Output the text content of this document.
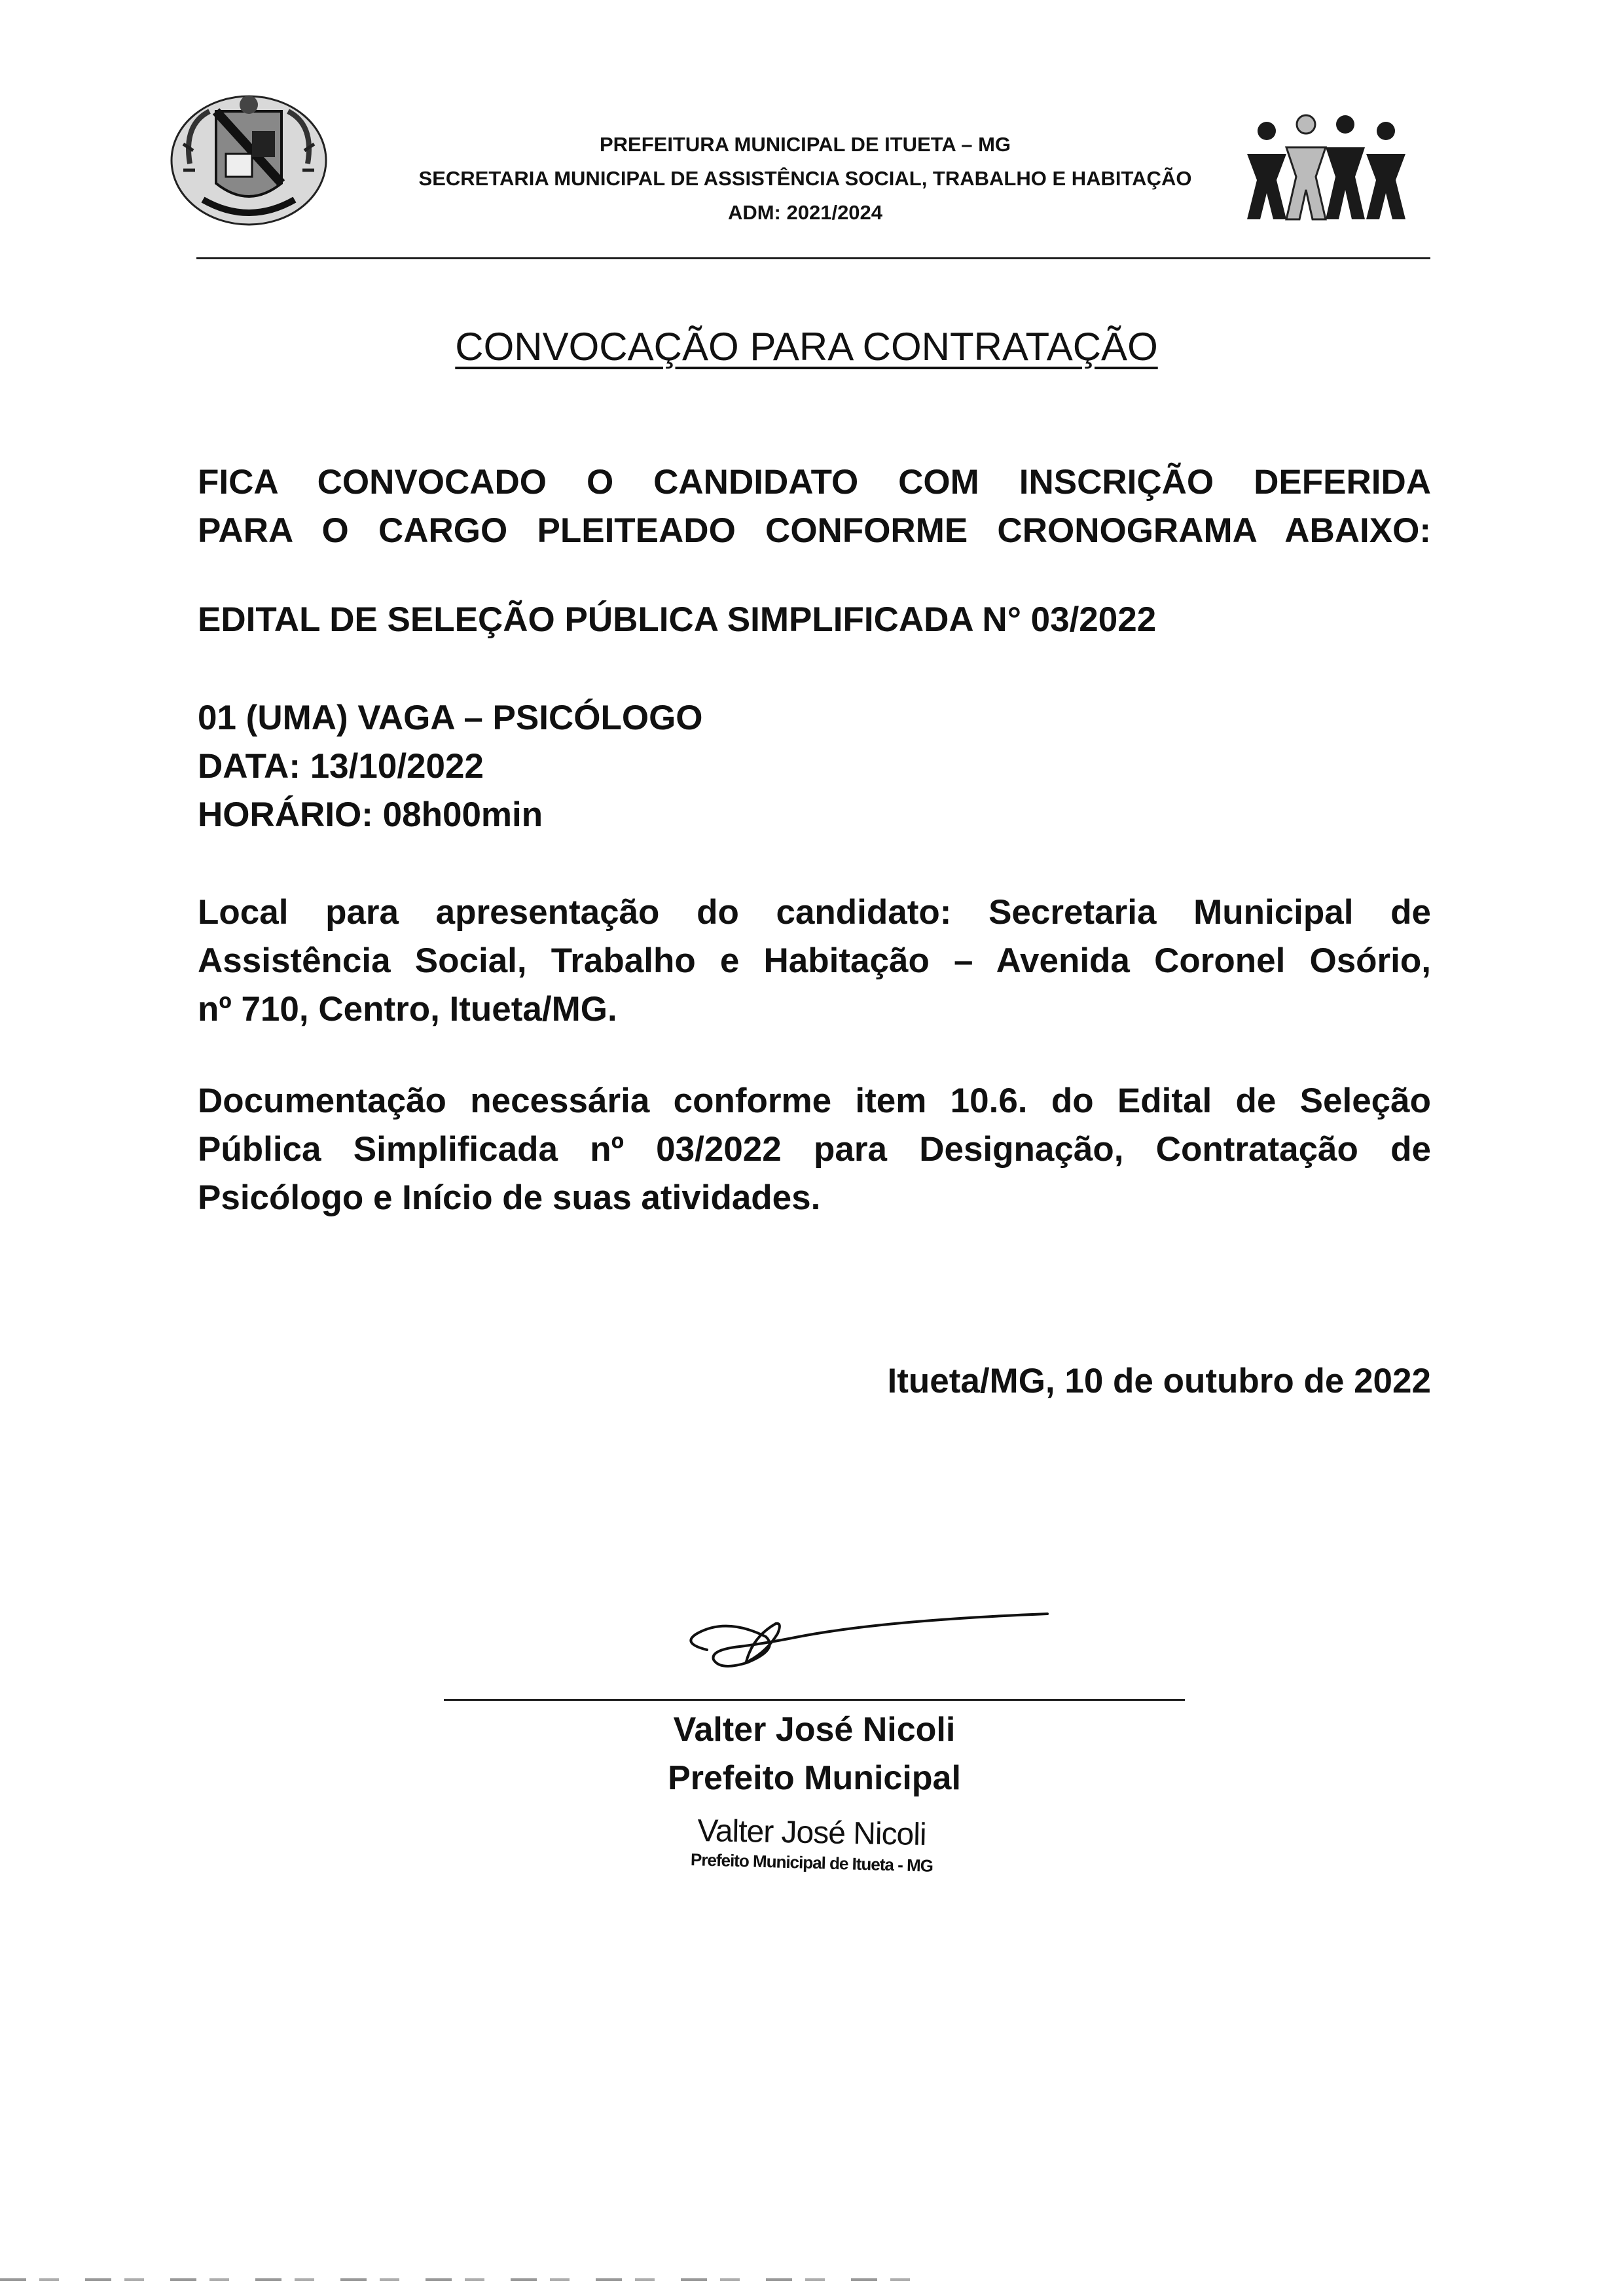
PREFEITURA MUNICIPAL DE ITUETA – MG
SECRETARIA MUNICIPAL DE ASSISTÊNCIA SOCIAL, TRABALHO E HABITAÇÃO
ADM: 2021/2024
CONVOCAÇÃO PARA CONTRATAÇÃO
FICA CONVOCADO O CANDIDATO COM INSCRIÇÃO DEFERIDA
PARA O CARGO PLEITEADO CONFORME CRONOGRAMA ABAIXO:
EDITAL DE SELEÇÃO PÚBLICA SIMPLIFICADA N° 03/2022
01 (UMA) VAGA – PSICÓLOGO
DATA: 13/10/2022
HORÁRIO: 08h00min
Local para apresentação do candidato: Secretaria Municipal de
Assistência Social, Trabalho e Habitação – Avenida Coronel Osório,
nº 710, Centro, Itueta/MG.
Documentação necessária conforme item 10.6. do Edital de Seleção
Pública Simplificada nº 03/2022 para Designação, Contratação de
Psicólogo e Início de suas atividades.
Itueta/MG, 10 de outubro de 2022
Valter José Nicoli
Prefeito Municipal
Valter José Nicoli
Prefeito Municipal de Itueta - MG
